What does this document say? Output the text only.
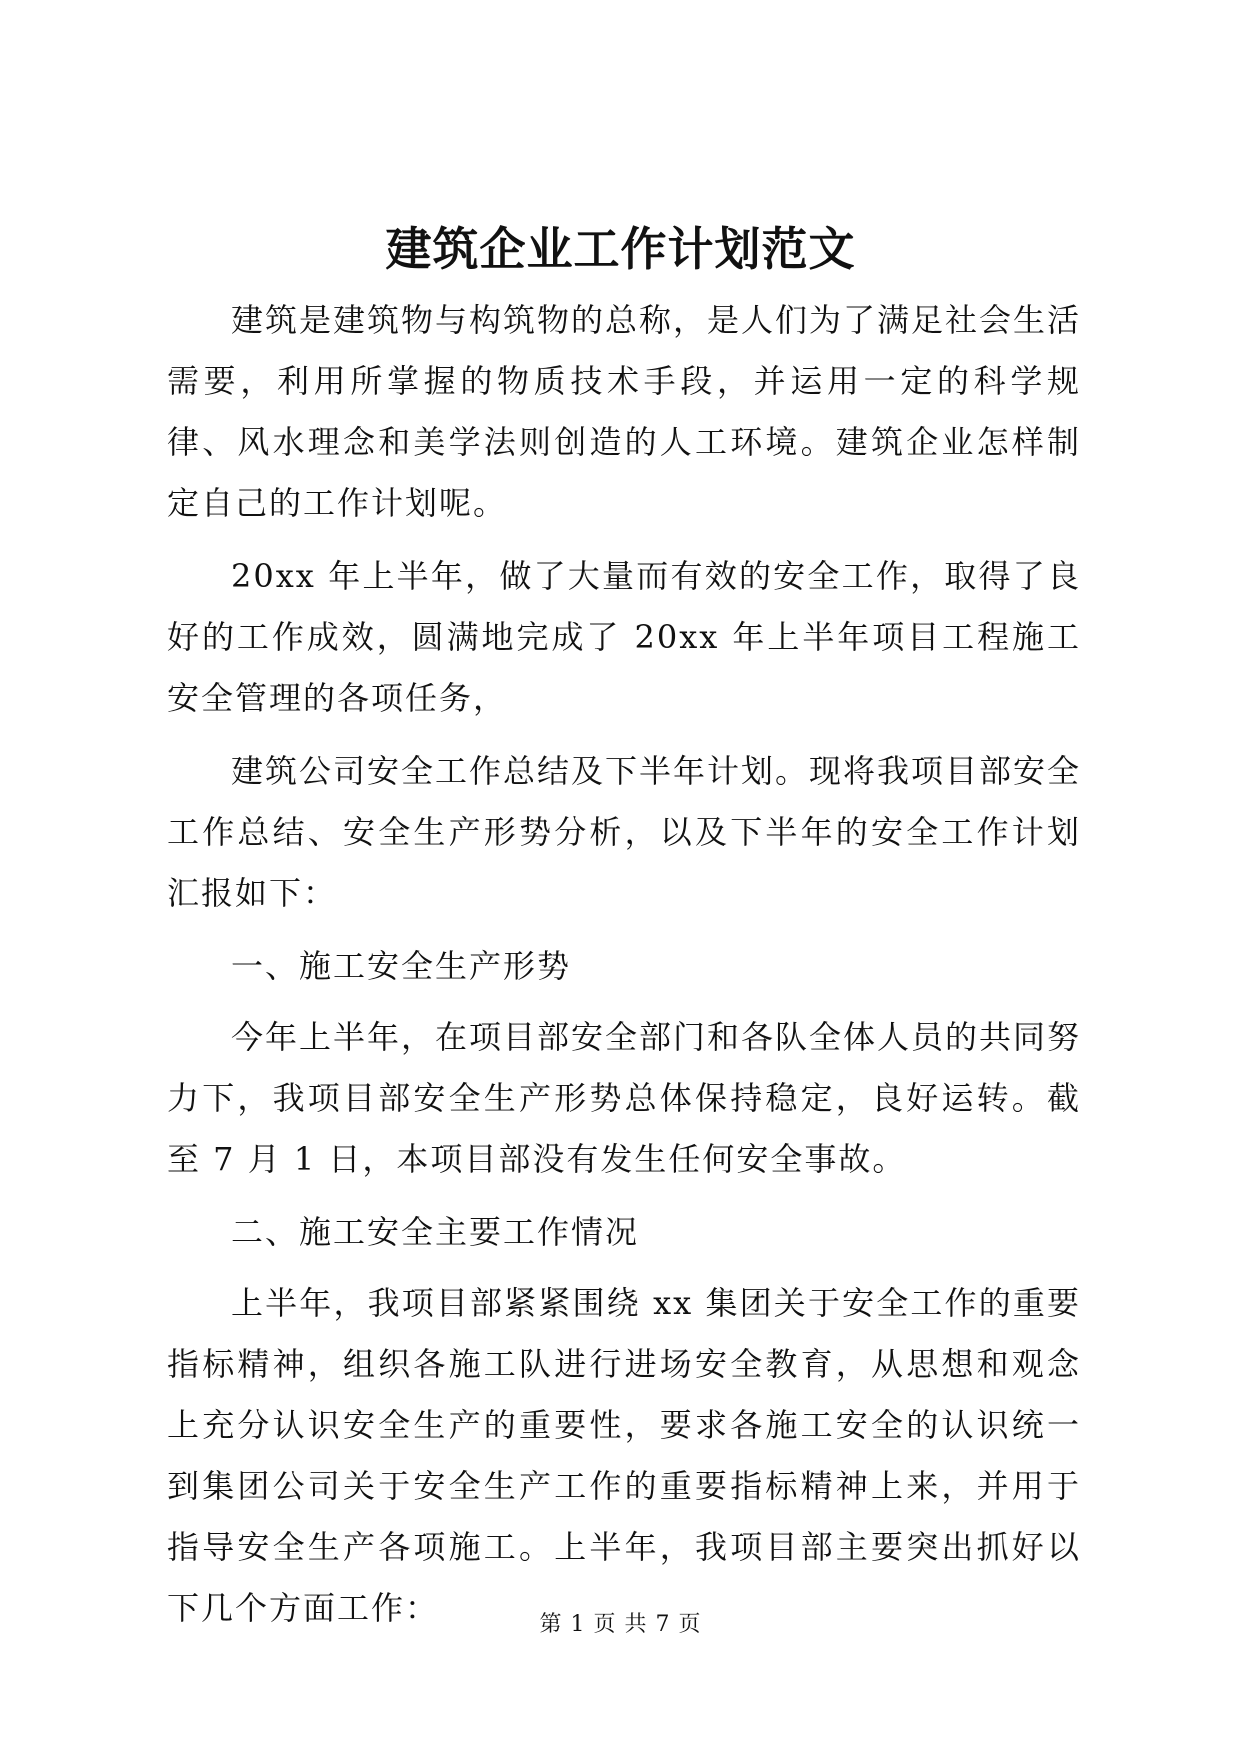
建筑企业工作计划范文

建筑是建筑物与构筑物的总称，是人们为了满足社会生活需要，利用所掌握的物质技术手段，并运用一定的科学规律、风水理念和美学法则创造的人工环境。建筑企业怎样制定自己的工作计划呢。

20xx 年上半年，做了大量而有效的安全工作，取得了良好的工作成效，圆满地完成了 20xx 年上半年项目工程施工安全管理的各项任务，

建筑公司安全工作总结及下半年计划。现将我项目部安全工作总结、安全生产形势分析，以及下半年的安全工作计划汇报如下：

一、施工安全生产形势

今年上半年，在项目部安全部门和各队全体人员的共同努力下，我项目部安全生产形势总体保持稳定，良好运转。截至 7 月 1 日，本项目部没有发生任何安全事故。

二、施工安全主要工作情况

上半年，我项目部紧紧围绕 xx 集团关于安全工作的重要指标精神，组织各施工队进行进场安全教育，从思想和观念上充分认识安全生产的重要性，要求各施工安全的认识统一到集团公司关于安全生产工作的重要指标精神上来，并用于指导安全生产各项施工。上半年，我项目部主要突出抓好以下几个方面工作：	第 1 页 共 7 页
